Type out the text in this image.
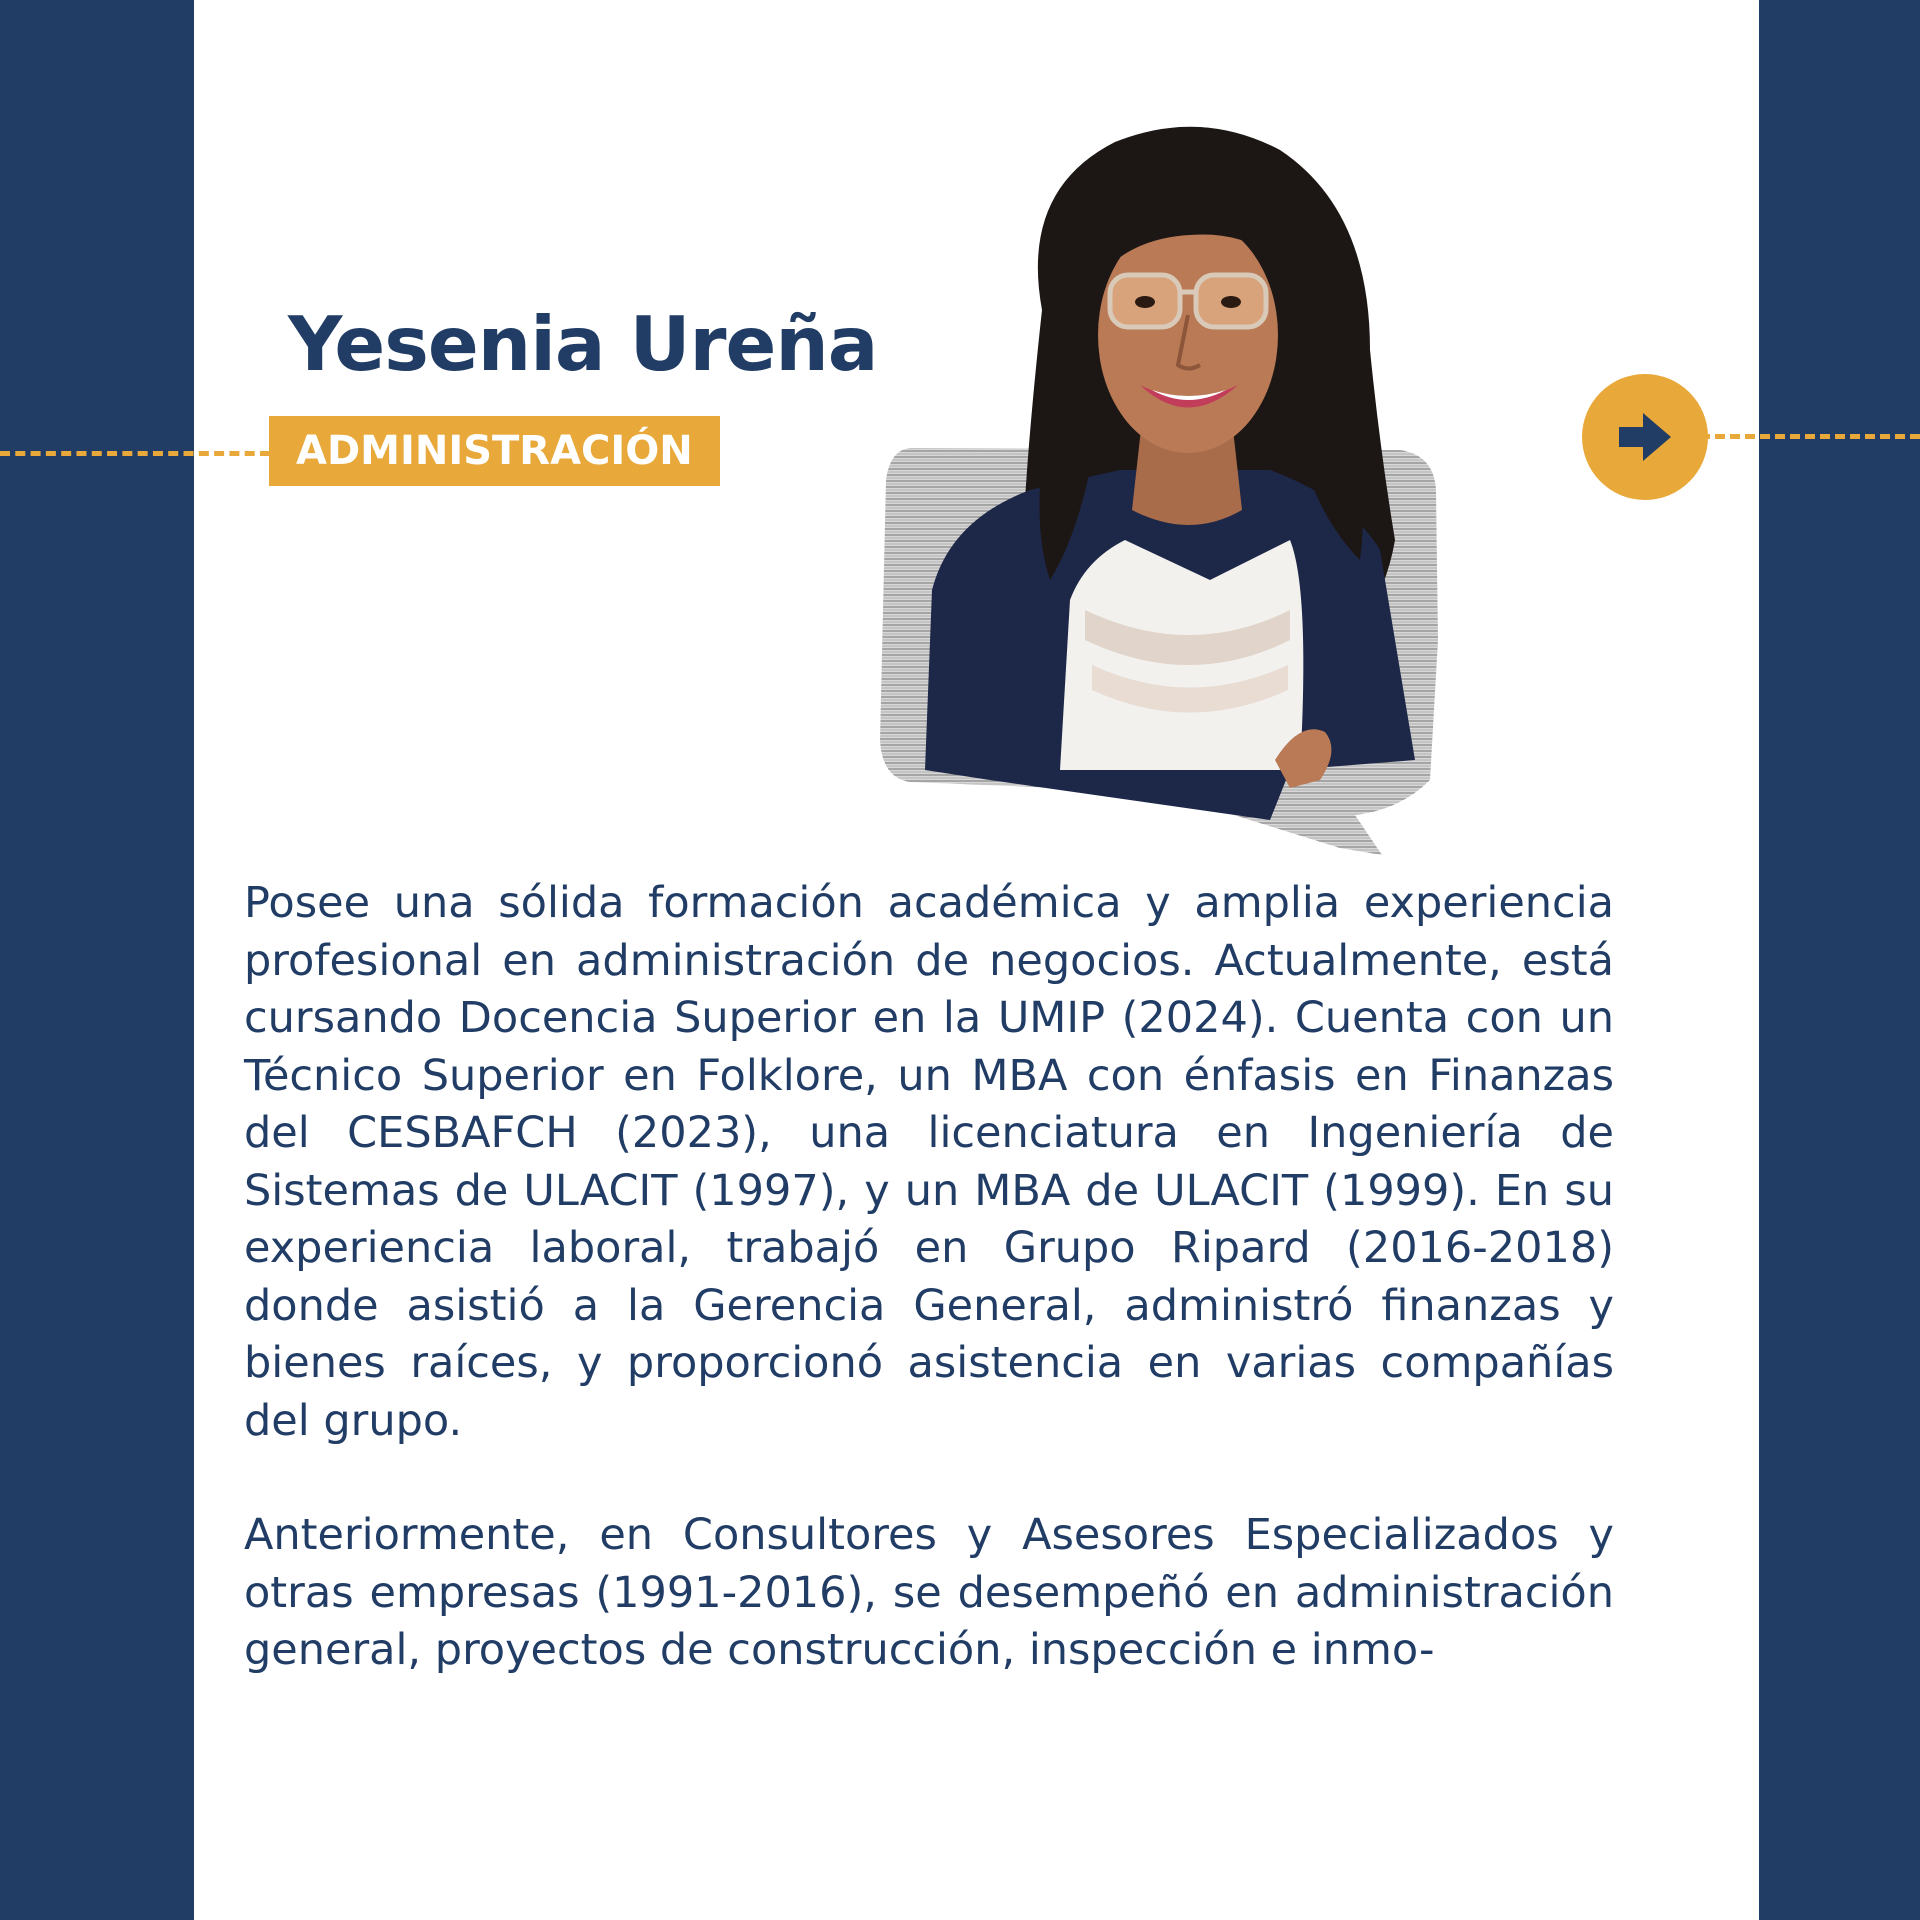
Yesenia Ureña
ADMINISTRACIÓN

Posee una sólida formación académica y amplia experiencia profesional en administración de negocios. Actualmente, está cursando Docencia Superior en la UMIP (2024). Cuenta con un Técnico Superior en Folklore, un MBA con énfasis en Finanzas del CESBAFCH (2023), una licenciatura en Ingeniería de Sistemas de ULACIT (1997), y un MBA de ULACIT (1999). En su experiencia laboral, trabajó en Grupo Ripard (2016-2018) donde asistió a la Gerencia General, administró finanzas y bienes raíces, y proporcionó asistencia en varias compañías del grupo.

Anteriormente, en Consultores y Asesores Especializados y otras empresas (1991-2016), se desempeñó en administración general, proyectos de construcción, inspección e inmo-
